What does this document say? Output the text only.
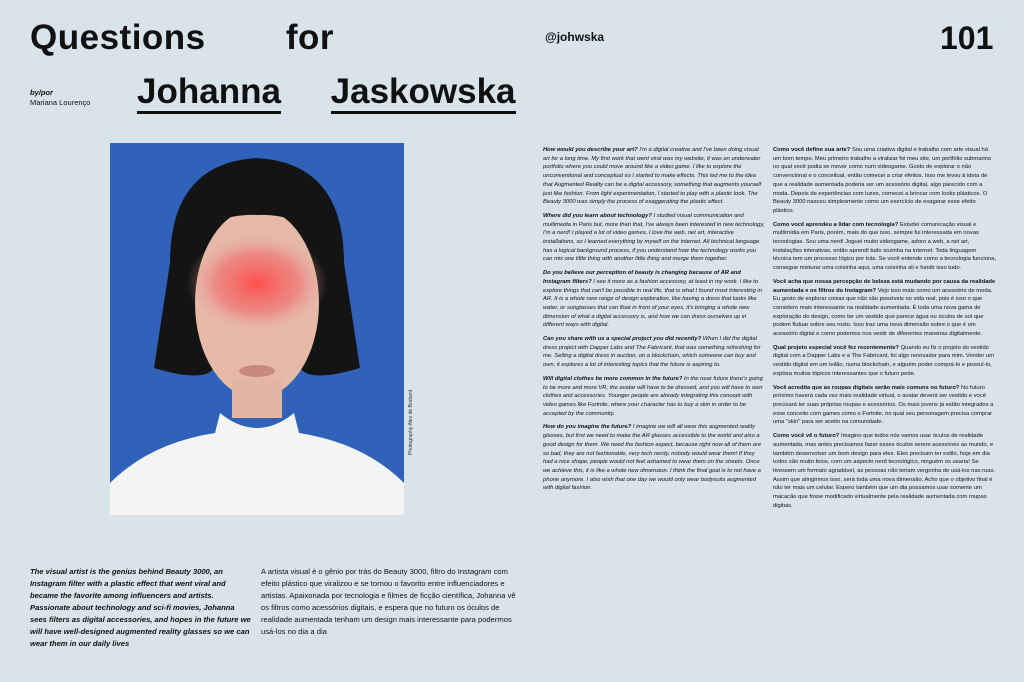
Questions for
Johanna Jaskowska
by/por
Mariana Lourenço
@johwska	101
Photography Alex de Brabant
The visual artist is the genius behind Beauty 3000, an Instagram filter with a plastic effect that went viral and became the favorite among influencers and artists. Passionate about technology and sci-fi movies, Johanna sees filters as digital accessories, and hopes in the future we will have well-designed augmented reality glasses so we can wear them in our daily lives
A artista visual é o gênio por trás do Beauty 3000, filtro do Instagram com efeito plástico que viralizou e se tornou o favorito entre influenciadores e artistas. Apaixonada por tecnologia e filmes de ficção científica, Johanna vê os filtros como acessórios digitais, e espera que no futuro os óculos de realidade aumentada tenham um design mais interessante para podermos usá-los no dia a dia

How would you describe your art? I'm a digital creative and I've been doing visual art for a long time. My first work that went viral was my website, it was an underwater portfolio where you could move around like a video game. I like to explore the unconventional and conceptual so I started to make effects. This led me to the idea that Augmented Reality can be a digital accessory, something that augments yourself just like fashion. From light experimentation, I started to play with a plastic look. The Beauty 3000 was simply the process of exaggerating the plastic effect.

Where did you learn about technology? I studied visual communication and multimedia in Paris but, more than that, I've always been interested in new technology, I'm a nerd! I played a lot of video games, I love the web, net art, interactive installations, so I learned everything by myself on the internet. All technical language has a logical background process, if you understand how the technology works you can mix one little thing with another little thing and merge them together.

Do you believe our perception of beauty is changing because of AR and Instagram filters? I see it more as a fashion accessory, at least in my work. I like to explore things that can't be possible in real life, that is what I found most interesting in AR. It is a whole new range of design exploration, like having a dress that looks like water, or sunglasses that can float in front of your eyes, it's bringing a whole new dimension of what a digital accessory is, and how we can dress ourselves up in different ways with digital.

Can you share with us a special project you did recently? When I did the digital dress project with Dapper Labs and The Fabricant, that was something refreshing for me. Selling a digital dress in auction, on a blockchain, which someone can buy and own, it explores a lot of interesting topics that the future is aspiring to.

Will digital clothes be more common in the future? In the near future there's going to be more and more VR, the avatar will have to be dressed, and you will have to own clothes and accessories. Younger people are already integrating this concept with video games like Fortnite, where your character has to buy a skin in order to be accepted by the community.

How do you imagine the future? I imagine we will all wear this augmented reality glasses, but first we need to make the AR glasses accessible to the world and also a good design for them. We need the fashion aspect, because right now all of them are so bad, they are not fashionable, very tech nerdy, nobody would wear them! If they had a nice shape, people would not feel ashamed to wear them on the streets. Once we achieve this, it is like a whole new dimension. I think the final goal is to not have a phone anymore. I also wish that one day we would only wear bodysuits augmented with digital fashion.

Como você define sua arte? Sou uma criativa digital e trabalho com arte visual há um bom tempo. Meu primeiro trabalho a viralizar foi meu site, um portfólio submarino no qual você podia se mover como num videogame. Gosto de explorar o não convencional e o conceitual, então comecei a criar efeitos. Isso me levou à ideia de que a realidade aumentada poderia ser um acessório digital, algo parecido com a moda. Depois de experiências com luzes, comecei a brincar com looks plásticos. O Beauty 3000 nasceu simplesmente como um exercício de exagerar esse efeito plástico.

Como você aprendeu a lidar com tecnologia? Estudei comunicação visual e multimídia em Paris, porém, mais do que isso, sempre fui interessada em novas tecnologias. Sou uma nerd! Joguei muito videogame, adoro a web, a net art, instalações interativas, então aprendi tudo sozinha na internet. Toda linguagem técnica tem um processo lógico por trás. Se você entende como a tecnologia funciona, consegue misturar uma coisinha aqui, uma coisinha ali e fundir isso tudo.

Você acha que nossa percepção de beleza está mudando por causa da realidade aumentada e os filtros do Instagram? Vejo isso mais como um acessório de moda. Eu gosto de explorar coisas que não são possíveis no vida real, pois é isso o que considero mais interessante na realidade aumentada. É toda uma nova gama de exploração do design, como ter um vestido que parece água ou óculos de sol que podem flutuar sobre seu rosto. Isso traz uma nova dimensão sobre o que é um acessório digital e como podemos nos vestir de diferentes maneiras digitalmente.

Qual projeto especial você fez recentemente? Quando eu fiz o projeto do vestido digital com a Dapper Labs e a The Fabricant, foi algo renovador para mim. Vender um vestido digital em um leilão, numa blockchain, e alguém poder comprá-lo e possuí-lo, explora muitos tópicos interessantes que o futuro pede.

Você acredita que as roupas digitais serão mais comuns no futuro? No futuro próximo haverá cada vez mais realidade virtual, o avatar deverá ser vestido e você precisará ter suas próprias roupas e acessórios. Os mais jovens já estão integrados a esse conceito com games como o Fortnite, no qual seu personagem precisa comprar uma "skin" para ser aceito na comunidade.

Como você vê o futuro? Imagino que todos nós vamos usar óculos de realidade aumentada, mas antes precisamos fazer esses óculos serem acessíveis ao mundo, e também desenvolver um bom design para eles. Eles precisam ter estilo, hoje em dia todos são muito feios, com um aspecto nerd tecnológico, ninguém os usaria! Se tivessem um formato agradável, as pessoas não teriam vergonha de usá-los nas ruas. Assim que atingirmos isso, será toda uma nova dimensão. Acho que o objetivo final é não ter mais um celular. Espero também que um dia possamos usar somente um macacão que fosse modificado virtualmente pela realidade aumentada com roupas digitais.
